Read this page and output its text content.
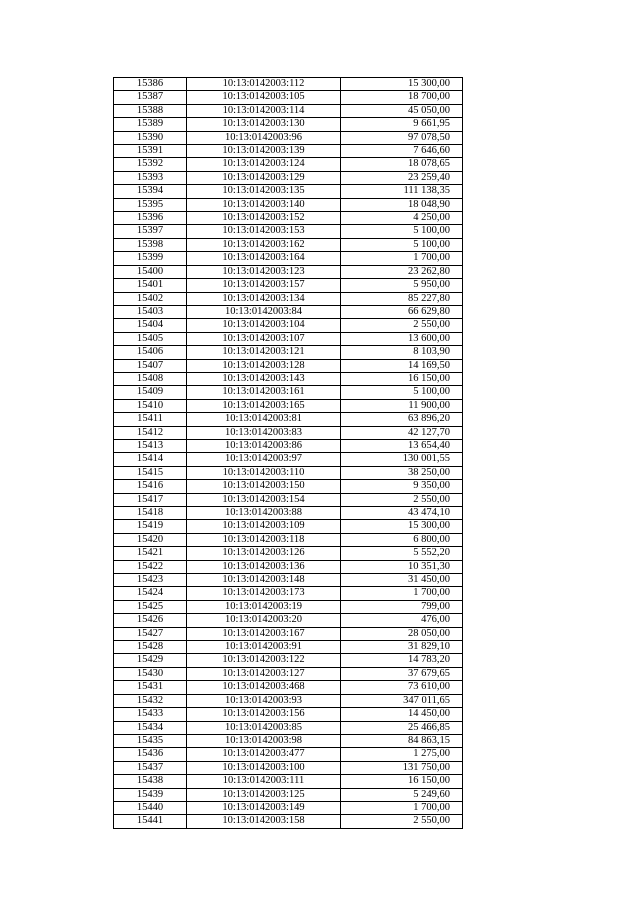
15386	10:13:0142003:112	15 300,00
15387	10:13:0142003:105	18 700,00
15388	10:13:0142003:114	45 050,00
15389	10:13:0142003:130	9 661,95
15390	10:13:0142003:96	97 078,50
15391	10:13:0142003:139	7 646,60
15392	10:13:0142003:124	18 078,65
15393	10:13:0142003:129	23 259,40
15394	10:13:0142003:135	111 138,35
15395	10:13:0142003:140	18 048,90
15396	10:13:0142003:152	4 250,00
15397	10:13:0142003:153	5 100,00
15398	10:13:0142003:162	5 100,00
15399	10:13:0142003:164	1 700,00
15400	10:13:0142003:123	23 262,80
15401	10:13:0142003:157	5 950,00
15402	10:13:0142003:134	85 227,80
15403	10:13:0142003:84	66 629,80
15404	10:13:0142003:104	2 550,00
15405	10:13:0142003:107	13 600,00
15406	10:13:0142003:121	8 103,90
15407	10:13:0142003:128	14 169,50
15408	10:13:0142003:143	16 150,00
15409	10:13:0142003:161	5 100,00
15410	10:13:0142003:165	11 900,00
15411	10:13:0142003:81	63 896,20
15412	10:13:0142003:83	42 127,70
15413	10:13:0142003:86	13 654,40
15414	10:13:0142003:97	130 001,55
15415	10:13:0142003:110	38 250,00
15416	10:13:0142003:150	9 350,00
15417	10:13:0142003:154	2 550,00
15418	10:13:0142003:88	43 474,10
15419	10:13:0142003:109	15 300,00
15420	10:13:0142003:118	6 800,00
15421	10:13:0142003:126	5 552,20
15422	10:13:0142003:136	10 351,30
15423	10:13:0142003:148	31 450,00
15424	10:13:0142003:173	1 700,00
15425	10:13:0142003:19	799,00
15426	10:13:0142003:20	476,00
15427	10:13:0142003:167	28 050,00
15428	10:13:0142003:91	31 829,10
15429	10:13:0142003:122	14 783,20
15430	10:13:0142003:127	37 679,65
15431	10:13:0142003:468	73 610,00
15432	10:13:0142003:93	347 011,65
15433	10:13:0142003:156	14 450,00
15434	10:13:0142003:85	25 466,85
15435	10:13:0142003:98	84 863,15
15436	10:13:0142003:477	1 275,00
15437	10:13:0142003:100	131 750,00
15438	10:13:0142003:111	16 150,00
15439	10:13:0142003:125	5 249,60
15440	10:13:0142003:149	1 700,00
15441	10:13:0142003:158	2 550,00
